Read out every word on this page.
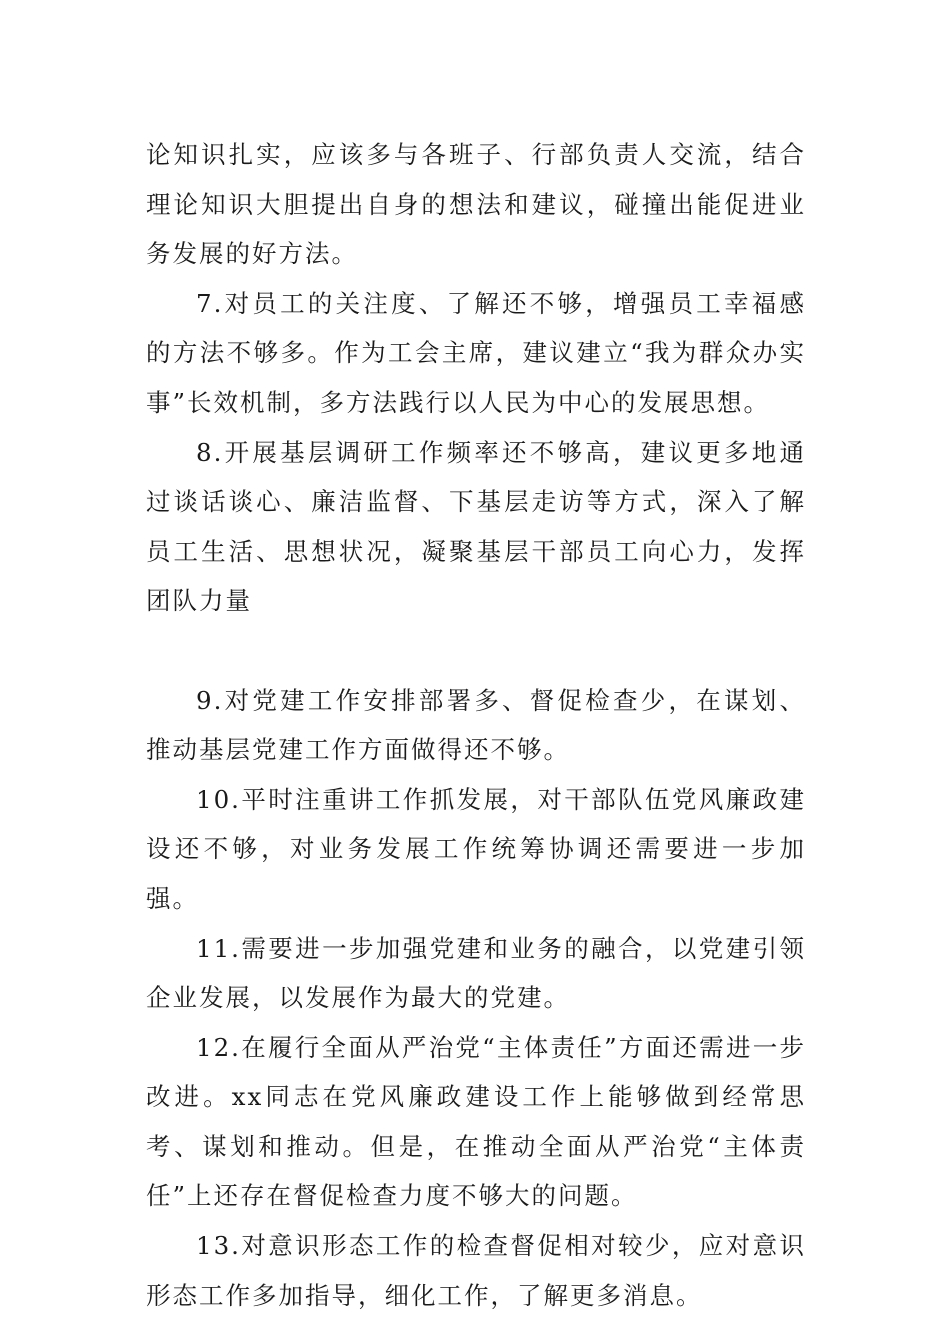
论知识扎实，应该多与各班子、行部负责人交流，结合理论知识大胆提出自身的想法和建议，碰撞出能促进业务发展的好方法。

7.对员工的关注度、了解还不够，增强员工幸福感的方法不够多。作为工会主席，建议建立“我为群众办实事”长效机制，多方法践行以人民为中心的发展思想。

8.开展基层调研工作频率还不够高，建议更多地通过谈话谈心、廉洁监督、下基层走访等方式，深入了解员工生活、思想状况，凝聚基层干部员工向心力，发挥团队力量

9.对党建工作安排部署多、督促检查少，在谋划、推动基层党建工作方面做得还不够。

10.平时注重讲工作抓发展，对干部队伍党风廉政建设还不够，对业务发展工作统筹协调还需要进一步加强。

11.需要进一步加强党建和业务的融合，以党建引领企业发展，以发展作为最大的党建。

12.在履行全面从严治党“主体责任”方面还需进一步改进。xx同志在党风廉政建设工作上能够做到经常思考、谋划和推动。但是，在推动全面从严治党“主体责任”上还存在督促检查力度不够大的问题。

13.对意识形态工作的检查督促相对较少，应对意识形态工作多加指导，细化工作，了解更多消息。
